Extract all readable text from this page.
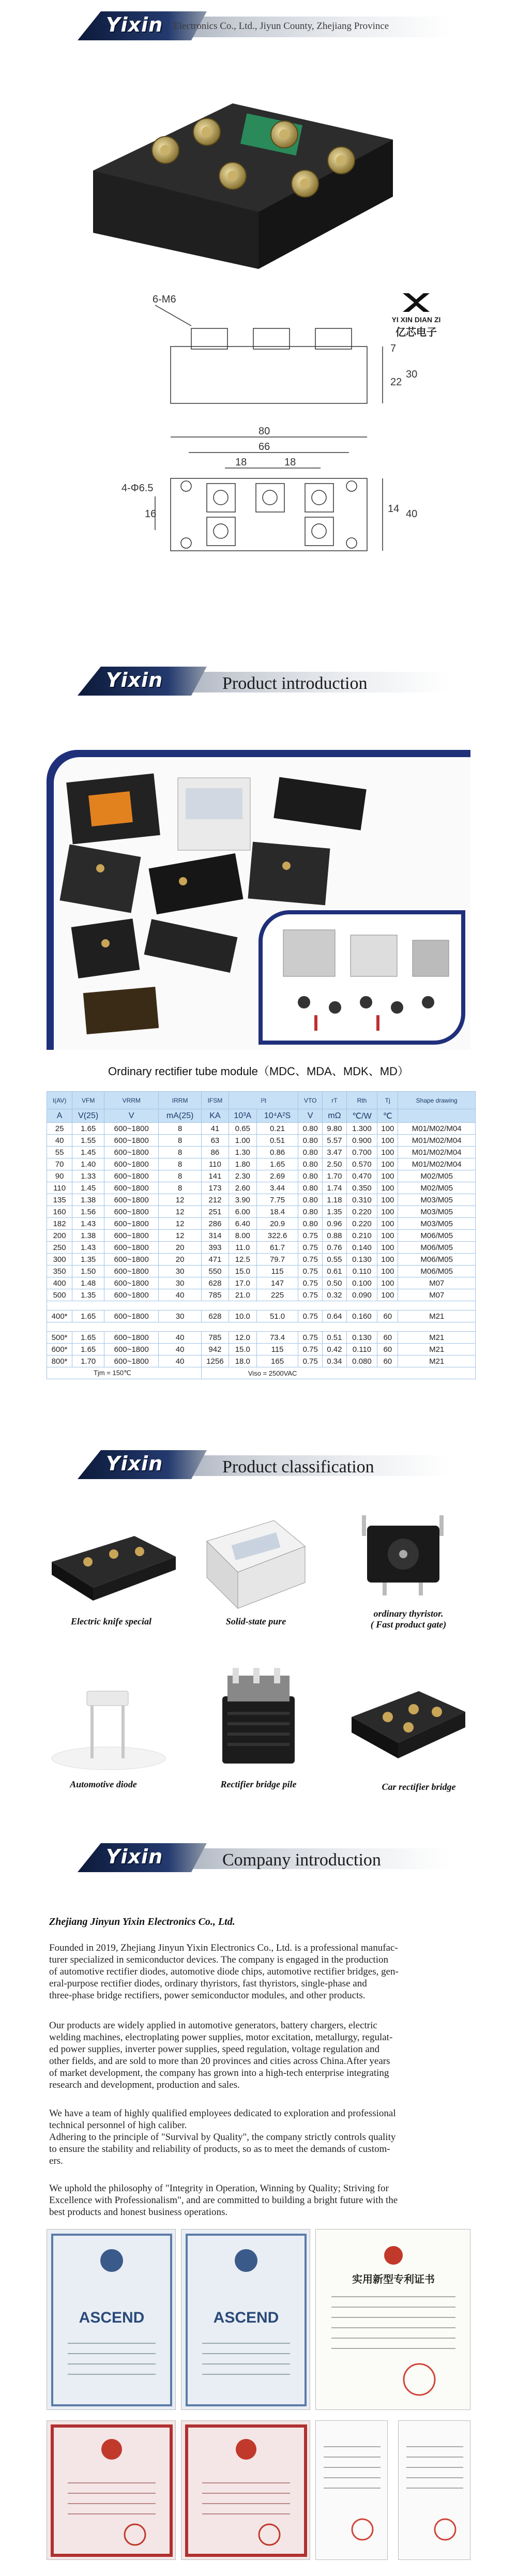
Yixin Electronics Co., Ltd., Jiyun County, Zhejiang Province
YI XIN DIAN ZI
亿芯电子
6-M6
80
7
22
30
66
18	18
4-Φ6.5
16	14 40
Yixin	Product introduction
Ordinary rectifier tube module（MDC、MDA、MDK、MD）
I(AV)	VFM	VRRM	IRRM	IFSM	I²t		VTO	rT	Rth	Tj	Shape drawing
A	V(25)	V	mA(25)	KA	10³A	10⁴A²S	V	mΩ	℃/W	℃	
25	1.65	600~1800	8	41	0.65	0.21	0.80	9.80	1.300	100	M01/M02/M04
40	1.55	600~1800	8	63	1.00	0.51	0.80	5.57	0.900	100	M01/M02/M04
55	1.45	600~1800	8	86	1.30	0.86	0.80	3.47	0.700	100	M01/M02/M04
70	1.40	600~1800	8	110	1.80	1.65	0.80	2.50	0.570	100	M01/M02/M04
90	1.33	600~1800	8	141	2.30	2.69	0.80	1.70	0.470	100	M02/M05
110	1.45	600~1800	8	173	2.60	3.44	0.80	1.74	0.350	100	M02/M05
135	1.38	600~1800	12	212	3.90	7.75	0.80	1.18	0.310	100	M03/M05
160	1.56	600~1800	12	251	6.00	18.4	0.80	1.35	0.220	100	M03/M05
182	1.43	600~1800	12	286	6.40	20.9	0.80	0.96	0.220	100	M03/M05
200	1.38	600~1800	12	314	8.00	322.6	0.75	0.88	0.210	100	M06/M05
250	1.43	600~1800	20	393	11.0	61.7	0.75	0.76	0.140	100	M06/M05
300	1.35	600~1800	20	471	12.5	79.7	0.75	0.55	0.130	100	M06/M05
350	1.50	600~1800	30	550	15.0	115	0.75	0.61	0.110	100	M06/M05
400	1.48	600~1800	30	628	17.0	147	0.75	0.50	0.100	100	M07
500	1.35	600~1800	40	785	21.0	225	0.75	0.32	0.090	100	M07

400*	1.65	600~1800	30	628	10.0	51.0	0.75	0.64	0.160	60	M21

500*	1.65	600~1800	40	785	12.0	73.4	0.75	0.51	0.130	60	M21
600*	1.65	600~1800	40	942	15.0	115	0.75	0.42	0.110	60	M21
800*	1.70	600~1800	40	1256	18.0	165	0.75	0.34	0.080	60	M21
Tjm = 150℃				Viso = 2500VAC							
Yixin	Product classification
Electric knife special	Solid-state pure
ordinary thyristor.
( Fast product gate)
Automotive diode	Rectifier bridge pile	Car rectifier bridge
Yixin	Company introduction
Zhejiang Jinyun Yixin Electronics Co., Ltd.
Founded in 2019, Zhejiang Jinyun Yixin Electronics Co., Ltd. is a professional manufac-
turer specialized in semiconductor devices. The company is engaged in the production
of automotive rectifier diodes, automotive diode chips, automotive rectifier bridges, gen-
eral-purpose rectifier diodes, ordinary thyristors, fast thyristors, single-phase and
three-phase bridge rectifiers, power semiconductor modules, and other products.
Our products are widely applied in automotive generators, battery chargers, electric
welding machines, electroplating power supplies, motor excitation, metallurgy, regulat-
ed power supplies, inverter power supplies, speed regulation, voltage regulation and
other fields, and are sold to more than 20 provinces and cities across China.After years
of market development, the company has grown into a high-tech enterprise integrating
research and development, production and sales.
We have a team of highly qualified employees dedicated to exploration and professional
technical personnel of high caliber.
Adhering to the principle of "Survival by Quality", the company strictly controls quality
to ensure the stability and reliability of products, so as to meet the demands of custom-
ers.
We uphold the philosophy of "Integrity in Operation, Winning by Quality; Striving for
Excellence with Professionalism", and are committed to building a bright future with the
best products and honest business operations.
ASCEND	ASCEND
实用新型专利证书
